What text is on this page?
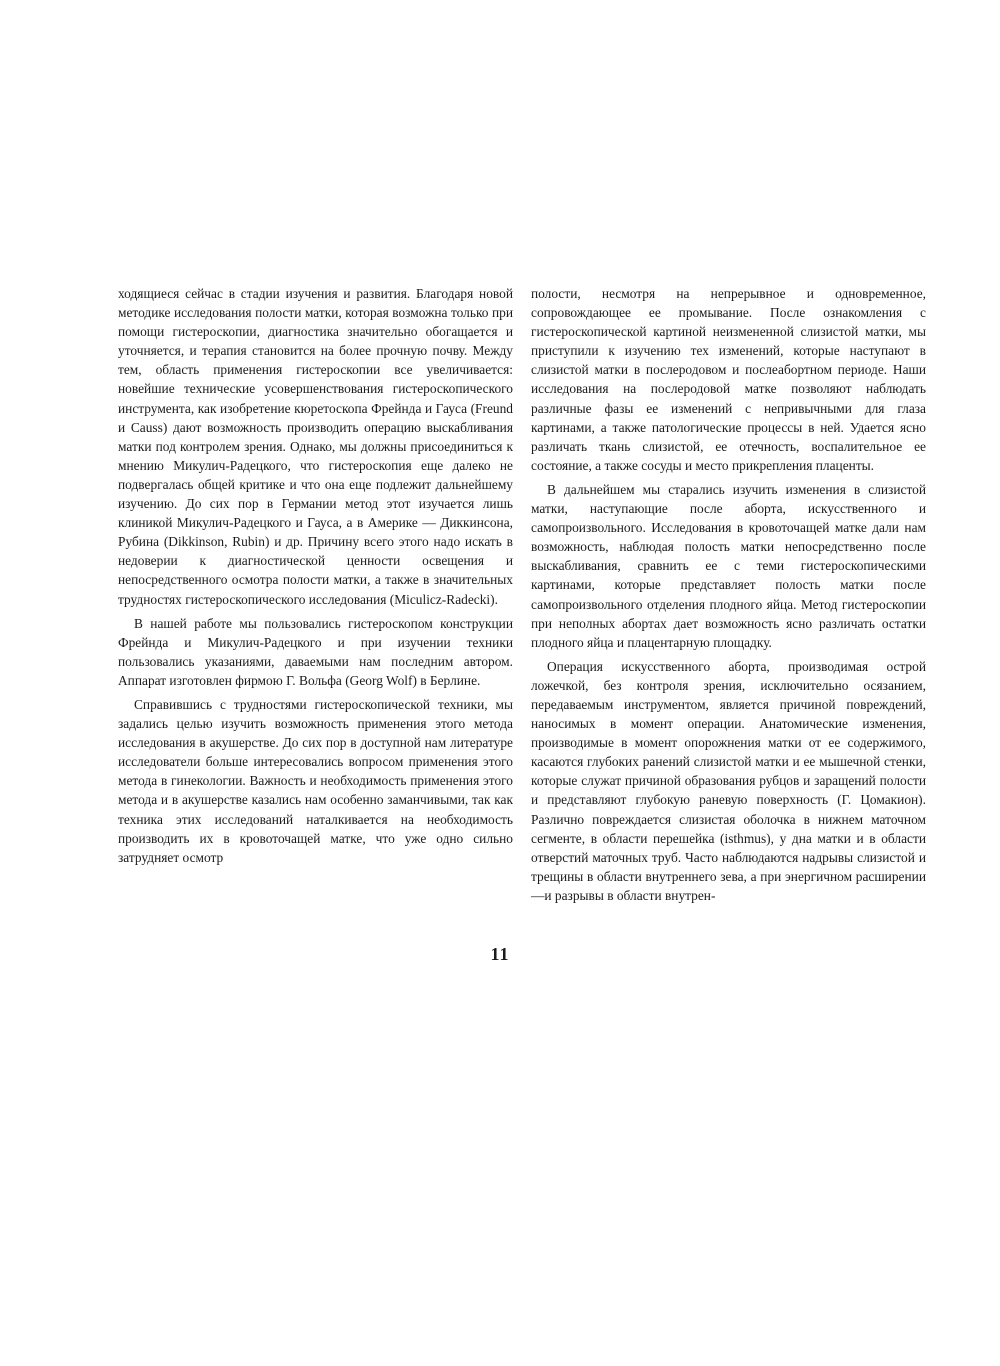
ходящиеся сейчас в стадии изучения и развития. Благодаря новой методике исследования полости матки, которая возможна только при помощи гистероскопии, диагностика значительно обогащается и уточняется, и терапия становится на более прочную почву. Между тем, область применения гистероскопии все увеличивается: новейшие технические усовершенствования гистероскопического инструмента, как изобретение кюретоскопа Фрейнда и Гауса (Freund и Causs) дают возможность производить операцию выскабливания матки под контролем зрения. Однако, мы должны присоединиться к мнению Микулич-Радецкого, что гистероскопия еще далеко не подвергалась общей критике и что она еще подлежит дальнейшему изучению. До сих пор в Германии метод этот изучается лишь клиникой Микулич-Радецкого и Гауса, а в Америке — Диккинсона, Рубина (Dikkinson, Rubin) и др. Причину всего этого надо искать в недоверии к диагностической ценности освещения и непосредственного осмотра полости матки, а также в значительных трудностях гистероскопического исследования (Miculicz-Radecki).

В нашей работе мы пользовались гистероскопом конструкции Фрейнда и Микулич-Радецкого и при изучении техники пользовались указаниями, даваемыми нам последним автором. Аппарат изготовлен фирмою Г. Вольфа (Georg Wolf) в Берлине.

Справившись с трудностями гистероскопической техники, мы задались целью изучить возможность применения этого метода исследования в акушерстве. До сих пор в доступной нам литературе исследователи больше интересовались вопросом применения этого метода в гинекологии. Важность и необходимость применения этого метода и в акушерстве казались нам особенно заманчивыми, так как техника этих исследований наталкивается на необходимость производить их в кровоточащей матке, что уже одно сильно затрудняет осмотр

полости, несмотря на непрерывное и одновременное, сопровождающее ее промывание. После ознакомления с гистероскопической картиной неизмененной слизистой матки, мы приступили к изучению тех изменений, которые наступают в слизистой матки в послеродовом и послеабортном периоде. Наши исследования на послеродовой матке позволяют наблюдать различные фазы ее изменений с непривычными для глаза картинами, а также патологические процессы в ней. Удается ясно различать ткань слизистой, ее отечность, воспалительное ее состояние, а также сосуды и место прикрепления плаценты.

В дальнейшем мы старались изучить изменения в слизистой матки, наступающие после аборта, искусственного и самопроизвольного. Исследования в кровоточащей матке дали нам возможность, наблюдая полость матки непосредственно после выскабливания, сравнить ее с теми гистероскопическими картинами, которые представляет полость матки после самопроизвольного отделения плодного яйца. Метод гистероскопии при неполных абортах дает возможность ясно различать остатки плодного яйца и плацентарную площадку.

Операция искусственного аборта, производимая острой ложечкой, без контроля зрения, исключительно осязанием, передаваемым инструментом, является причиной повреждений, наносимых в момент операции. Анатомические изменения, производимые в момент опорожнения матки от ее содержимого, касаются глубоких ранений слизистой матки и ее мышечной стенки, которые служат причиной образования рубцов и заращений полости и представляют глубокую раневую поверхность (Г. Цомакион). Различно повреждается слизистая оболочка в нижнем маточном сегменте, в области перешейка (isthmus), у дна матки и в области отверстий маточных труб. Часто наблюдаются надрывы слизистой и трещины в области внутреннего зева, а при энергичном расширении—и разрывы в области внутрен-

11
